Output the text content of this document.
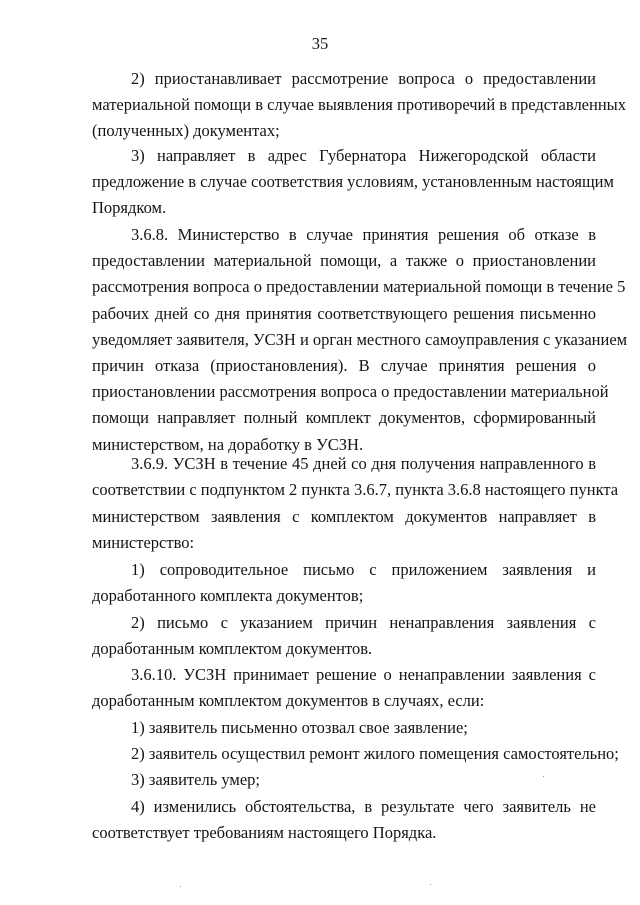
35
2) приостанавливает рассмотрение вопроса о предоставлении
материальной помощи в случае выявления противоречий в представленных
(полученных) документах;
3) направляет в адрес Губернатора Нижегородской области
предложение в случае соответствия условиям, установленным настоящим
Порядком.
3.6.8. Министерство в случае принятия решения об отказе в
предоставлении материальной помощи, а также о приостановлении
рассмотрения вопроса о предоставлении материальной помощи в течение 5
рабочих дней со дня принятия соответствующего решения письменно
уведомляет заявителя, УСЗН и орган местного самоуправления с указанием
причин отказа (приостановления). В случае принятия решения о
приостановлении рассмотрения вопроса о предоставлении материальной
помощи направляет полный комплект документов, сформированный
министерством, на доработку в УСЗН.
3.6.9. УСЗН в течение 45 дней со дня получения направленного в
соответствии с подпунктом 2 пункта 3.6.7, пункта 3.6.8 настоящего пункта
министерством заявления с комплектом документов направляет в
министерство:
1) сопроводительное письмо с приложением заявления и
доработанного комплекта документов;
2) письмо с указанием причин ненаправления заявления с
доработанным комплектом документов.
3.6.10. УСЗН принимает решение о ненаправлении заявления с
доработанным комплектом документов в случаях, если:
1) заявитель письменно отозвал свое заявление;
2) заявитель осуществил ремонт жилого помещения самостоятельно;
3) заявитель умер;
4) изменились обстоятельства, в результате чего заявитель не
соответствует требованиям настоящего Порядка.
